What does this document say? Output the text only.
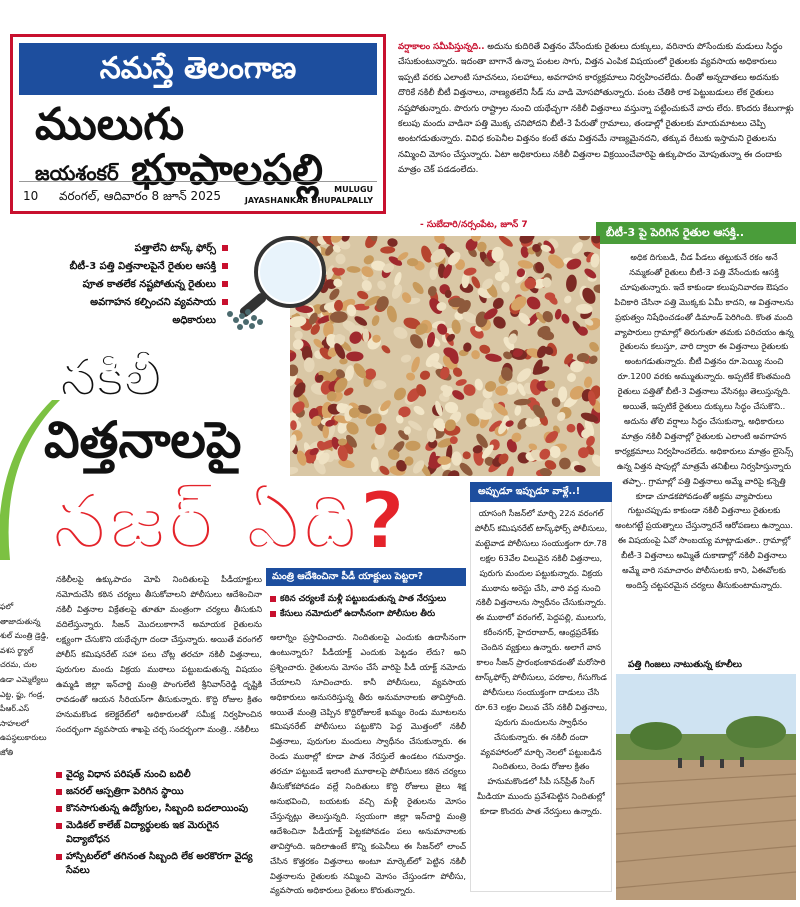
నమస్తే తెలంగాణ
ములుగు
జయశంకర్ భూపాలపల్లి
10 వరంగల్, ఆదివారం 8 జూన్ 2025	MULUGU
JAYASHANKAR BHUPALPALLY
వర్షాకాలం సమీపిస్తున్నది.. అదును కుదిరితే విత్తనం వేసేందుకు రైతులు దుక్కులు, వరినారు పోసేందుకు మడులు సిద్ధం చేసుకుంటున్నారు. ఇదంతా బాగానే ఉన్నా పంటల సాగు, విత్తన ఎంపిక విషయంలో రైతులకు వ్యవసాయ అధికారులు ఇప్పటి వరకు ఎలాంటి సూచనలు, సలహాలు, అవగాహన కార్యక్రమాలు నిర్వహించలేదు. దీంతో అన్నదాతలు అదనుకు దొరికే నకిలీ బీటీ విత్తనాలు, నాణ్యతలేని సీడ్ ను వాడి మోసపోతున్నారు. పంట చేతికి రాక పెట్టుబడులు లేక రైతులు నష్టపోతున్నారు. పొరుగు రాష్ట్రాల నుంచి యథేచ్ఛగా నకిలీ విత్తనాలు వస్తున్నా పట్టించుకునే వారు లేరు. కొందరు కేటుగాళ్లు కలుపు మందు వాడినా పత్తి మొక్క చనిపోదని బీటీ-3 పేరుతో గ్రామాలు, తండాల్లో రైతులకు మాయమాటలు చెప్పి అంటగడుతున్నారు. వివిధ కంపెనీల విత్తనం కంటే తమ విత్తనమే నాణ్యమైనదని, తక్కువ రేటుకు ఇస్తామని రైతులను నమ్మించి మోసం చేస్తున్నారు. ఏటా అధికారులు నకిలీ విత్తనాల విక్రయించేవారిపై ఉక్కుపాదం మోపుతున్నా ఈ దందాకు మాత్రం చెక్ పడడంలేదు.
- సుబేదారి/నర్సంపేట, జూన్ 7
బీటీ-3 పై పెరిగిన రైతుల ఆసక్తి..
అధిక దిగుబడి, చీడ పీడలు తట్టుకునే రకం అనే నమ్మకంతో రైతులు బీటీ-3 పత్తి వేసేందుకు ఆసక్తి చూపుతున్నారు. ఇదే కాకుండా కలుపునివారణ ఔషదం పిచికారి చేసినా పత్తి మొక్కకు ఏమీ కాదని, ఆ విత్తనాలను ప్రభుత్వం నిషేధించడంతో డిమాండ్ పెరిగింది. కొంత మంది వ్యాపారులు గ్రామాల్లో తిరుగుతూ తమకు పరిచయం ఉన్న రైతులను కలుస్తూ, వారి ద్వారా ఈ విత్తనాలు రైతులకు అంటగడుతున్నారు. బీటీ విత్తనం రూ.పెయ్యి నుంచి రూ.1200 వరకు అమ్ముతున్నారు. అప్పటికే కొంతమంది రైతులు పత్తితో బీటీ-3 విత్తనాలు వేసినట్లు తెలుస్తున్నది. అయితే, ఇప్పటికే రైతులు దుక్కులు సిద్ధం చేసుకొని.. అదును తోలి వర్షాలు సిద్ధం చేసుకున్నా, అధికారులు మాత్రం నకిలీ విత్తనాల్లో రైతులకు ఎలాంటి అవగాహన కార్యక్రమాలు నిర్వహించలేదు. అధికారులు మాత్రం లైసెన్స్ ఉన్న విత్తన షాపుల్లో మాత్రమే తనిఖీలు నిర్వహిస్తున్నారు తప్పా.. గ్రామాల్లో పత్తి విత్తనాలు అమ్మే వారిపై కన్నెత్తి కూడా చూడకపోవడంతో అక్రమ వ్యాపారులు గుట్టుచప్పుడు కాకుండా నకిలీ విత్తనాలు రైతులకు అంటగట్టే ప్రయత్నాలు చేస్తున్నారనే ఆరోపణలు ఉన్నాయి. ఈ విషయంపై ఏవో సాంబయ్య మాట్లాడుతూ.. గ్రామాల్లో బీటీ-3 విత్తనాలు అమ్మితే దుకాణాల్లో నకిలీ విత్తనాలు అమ్మే వారి సమాచారం పోలీసులకు కాని, ఏఈవోలకు అందిస్తే చట్టపరమైన చర్యలు తీసుకుంటామన్నారు.
పత్తాలేని టాస్క్ ఫోర్స్
బీటీ-3 పత్తి విత్తనాలపైనే రైతుల ఆసక్తి
పూత కాతలేక నష్టపోతున్న రైతులు
అవగాహన కల్పించని వ్యవసాయ అధికారులు
నకిలీ
విత్తనాలపై
నజర్ ఏది?
ఫలో తాజాదుతున్న శుల్ మంత్రి డ్రెడ్డి, వశస ర్థ్యాల్ చరమ, చుల ఉడా ఎమ్మెల్యేలు ఎట్ట, ప్జు, గండ్ర, పీఆర్.ఎస్ సాహలలో ఉపస్థలుకారులు జోతి
నకిలీలపై ఉక్కుపాదం మోపి నిందితులపై పీడీయాక్టులు నమోదుచేసి కఠిన చర్యలు తీసుకోవాలని పోలీసులు ఆదేశించినా నకిలీ విత్తనాల విక్రేతలపై తూతూ మంత్రంగా చర్యలు తీసుకుని వదిలేస్తున్నారు. సీజన్ మొదలుకాగానే అమాయక రైతులను లక్ష్యంగా చేసుకొని యథేచ్ఛగా దందా చేస్తున్నారు. అయితే వరంగల్ పోలీస్ కమిషనరేట్ సహా పలు చోట్ల తరచూ నకిలీ విత్తనాలు, పురుగుల మందు విక్రయ ముఠాలు పట్టుబడుతున్న విషయం ఉమ్మడి జిల్లా ఇన్‌చార్జి మంత్రి పొంగులేటి శ్రీనివాస్‌రెడ్డి దృష్టికి రావడంతో ఆయన సీరియస్‌గా తీసుకున్నారు. కొద్ది రోజుల క్రితం హనుమకొండ కలెక్టరేట్‌లో అధికారులతో సమీక్ష నిర్వహించిన సందర్భంగా వ్యవసాయ శాఖపై చర్చ సందర్భంగా మంత్రి.. నకిలీలు
వైద్య విధాన పరిషత్ నుంచి బదిలీ
జనరల్ ఆస్పత్రిగా పెరిగిన స్థాయి
కొనసాగుతున్న ఉద్యోగుల, సిబ్బంది బదలాయింపు
మెడికల్ కాలేజ్ విద్యార్థులకు ఇక మెరుగైన విద్యాబోధన
హాస్పిటల్‌లో తగినంత సిబ్బంది లేక అరకొరగా వైద్య సేవలు
మంత్రి ఆదేశించినా పీడీ యాక్టులు పెట్టరా?
కఠిన చర్యలకే మళ్లీ పట్టుబడుతున్న పాత నేరస్తులు
కేసులు నమోదులో ఉదాసీనంగా పోలీసుల తీరు
అలాగ్నిం ప్రస్తావించారు. నిందితులపై ఎందుకు ఉదాసీనంగా ఉంటున్నారు? పీడీయాక్ట్ ఎందుకు పెట్టడం లేదు? అని ప్రశ్నించారు. రైతులను మోసం చేసే వారిపై పీడీ యాక్ట్ నమోదు చేయాలని సూచించారు. కానీ పోలీసులు, వ్యవసాయ అధికారులు అనుసరిస్తున్న తీరు అనుమానాలకు తావిస్తోంది. అయితే మంత్రి చెప్పిన కొద్దిరోజులకే ఖమ్మం రెండు మూటలను కమిషనరేట్ పోలీసులు పట్టుకొని పెద్ద మొత్తంలో నకిలీ విత్తనాలు, పురుగుల మందులు స్వాధీనం చేసుకున్నారు. ఈ రెండు ముఠాల్లో కూడా పాత నేరస్తులే ఉండటం గమనార్హం. తరచూ పట్టుబడే ఇలాంటి మూఠాలపై పోలీసులు కఠిన చర్యలు తీసుకోకపోవడం వల్లే నిందితులు కొద్ది రోజులు జైలు శిక్ష అనుభవించి, బయటకు వచ్చి మళ్లీ రైతులను మోసం చేస్తున్నట్లు తెలుస్తున్నది. స్వయంగా జిల్లా ఇన్‌చార్జి మంత్రి ఆదేశించినా పీడీయాక్ట్ పెట్టకపోవడం పలు అనుమానాలకు తావిస్తోంది. ఇదిలాఉంటే కొన్ని కంపెనీలు ఈ సీజన్‌లో లాంచ్ చేసిన కొత్తరకం విత్తనాలు అంటూ మార్కెట్‌లో పెట్టిన నకిలీ విత్తనాలను రైతులకు నమ్మించి మోసం చేస్తుండగా పోలీసు, వ్యవసాయ అధికారులు రైతులు కొరుతున్నారు.
అప్పుడూ ఇప్పుడూ వాళ్లే..!
యాసంగి సీజన్‌లో మార్చి 22న వరంగల్ పోలీస్ కమిషనరేట్ టాస్క్‌ఫోర్స్ పోలీసులు, మట్టెవాడ పోలీసులు సంయుక్తంగా రూ.78 లక్షల 63వేల విలువైన నకిలీ విత్తనాలు, పురుగు మందుల పట్టుకున్నారు. విక్రయ ముఠాను అరెస్టు చేసి, వారి వద్ద నుంచి నకిలీ విత్తనాలను స్వాధీనం చేసుకున్నారు. ఈ ముఠాలో వరంగల్, పెద్దపల్లి, ములుగు, కరీంనగర్, హైదరాబాద్, ఆంధ్రప్రదేశ్‌కు చెందిన వ్యక్తులు ఉన్నారు. అలాగే వాన కాలం సీజన్ ప్రారంభంకావడంతో మరోసారి టాస్క్‌ఫోర్స్ పోలీసులు, పరకాల, గీసుగొండ పోలీసులు సంయుక్తంగా దాడులు చేసి రూ.63 లక్షల విలువ చేసే నకిలీ విత్తనాలు, పురుగు మందులను స్వాధీనం చేసుకున్నారు. ఈ నకిలీ దందా వ్యవహారంలో మార్చి నెలలో పట్టుబడిన నిందితులు, రెండు రోజుల క్రితం హనుమకొండలో సీపీ సన్‌ప్రీత్ సింగ్ మీడియా ముందు ప్రవేశపెట్టిన నిందితుల్లో కూడా కొందరు పాత నేరస్తులు ఉన్నారు.
పత్తి గింజలు నాటుతున్న కూలీలు
